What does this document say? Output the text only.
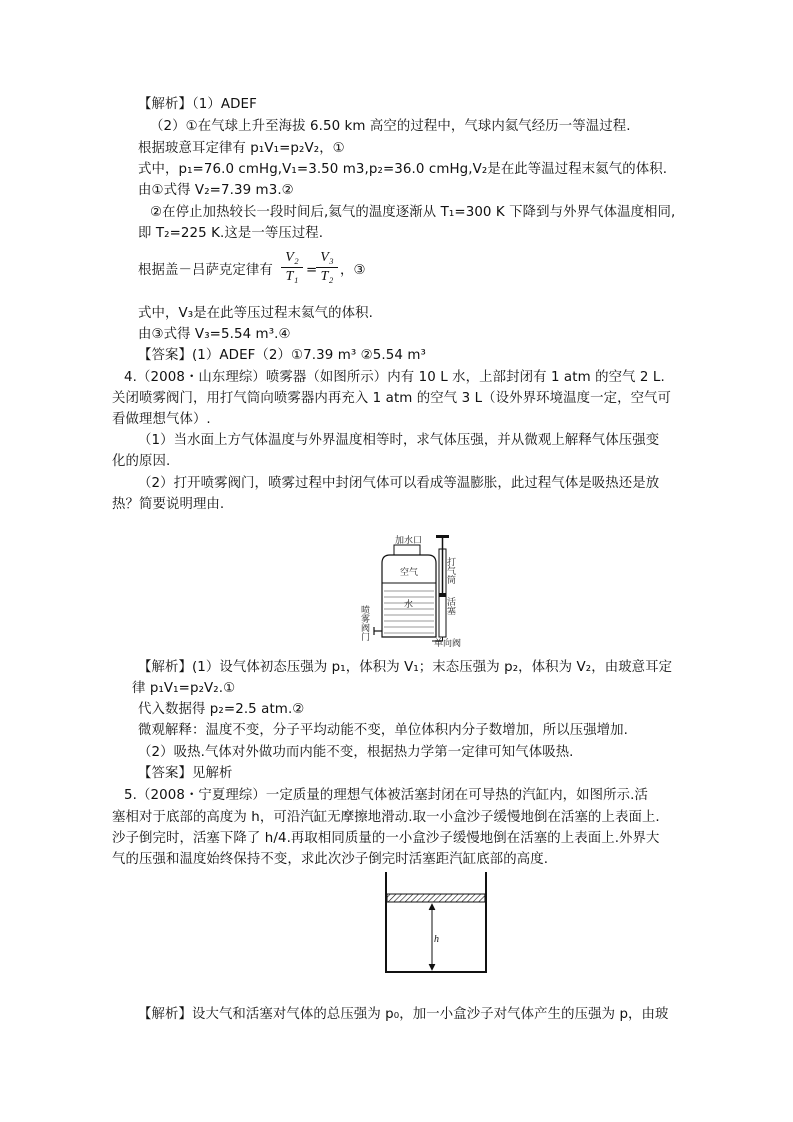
【解析】（1）ADEF
（2）①在气球上升至海拔 6.50 km 高空的过程中，气球内氦气经历一等温过程.
根据玻意耳定律有 p₁V₁=p₂V₂，①
式中，p₁=76.0 cmHg,V₁=3.50 m3,p₂=36.0 cmHg,V₂是在此等温过程末氦气的体积.
由①式得 V₂=7.39 m3.②
②在停止加热较长一段时间后,氦气的温度逐渐从 T₁=300 K 下降到与外界气体温度相同,
即 T₂=225 K.这是一等压过程.
根据盖－吕萨克定律有
V₂
T₁ =
V₃
T₂ ，③
式中，V₃是在此等压过程末氦气的体积.
由③式得 V₃=5.54 m³.④
【答案】(1）ADEF（2）①7.39 m³ ②5.54 m³
4.（2008・山东理综）喷雾器（如图所示）内有 10 L 水，上部封闭有 1 atm 的空气 2 L.
关闭喷雾阀门，用打气筒向喷雾器内再充入 1 atm 的空气 3 L（设外界环境温度一定，空气可
看做理想气体）.
（1）当水面上方气体温度与外界温度相等时，求气体压强，并从微观上解释气体压强变
化的原因.
（2）打开喷雾阀门，喷雾过程中封闭气体可以看成等温膨胀，此过程气体是吸热还是放
热？简要说明理由.
加水口
空气
水
打气筒
活塞
单向阀
喷雾阀门
【解析】(1）设气体初态压强为 p₁，体积为 V₁；末态压强为 p₂，体积为 V₂，由玻意耳定
律 p₁V₁=p₂V₂.①
代入数据得 p₂=2.5 atm.②
微观解释：温度不变，分子平均动能不变，单位体积内分子数增加，所以压强增加.
（2）吸热.气体对外做功而内能不变，根据热力学第一定律可知气体吸热.
【答案】见解析
5.（2008・宁夏理综）一定质量的理想气体被活塞封闭在可导热的汽缸内，如图所示.活
塞相对于底部的高度为 h，可沿汽缸无摩擦地滑动.取一小盒沙子缓慢地倒在活塞的上表面上.
沙子倒完时，活塞下降了 h/4.再取相同质量的一小盒沙子缓慢地倒在活塞的上表面上.外界大
气的压强和温度始终保持不变，求此次沙子倒完时活塞距汽缸底部的高度.
h
【解析】设大气和活塞对气体的总压强为 p₀，加一小盒沙子对气体产生的压强为 p，由玻
